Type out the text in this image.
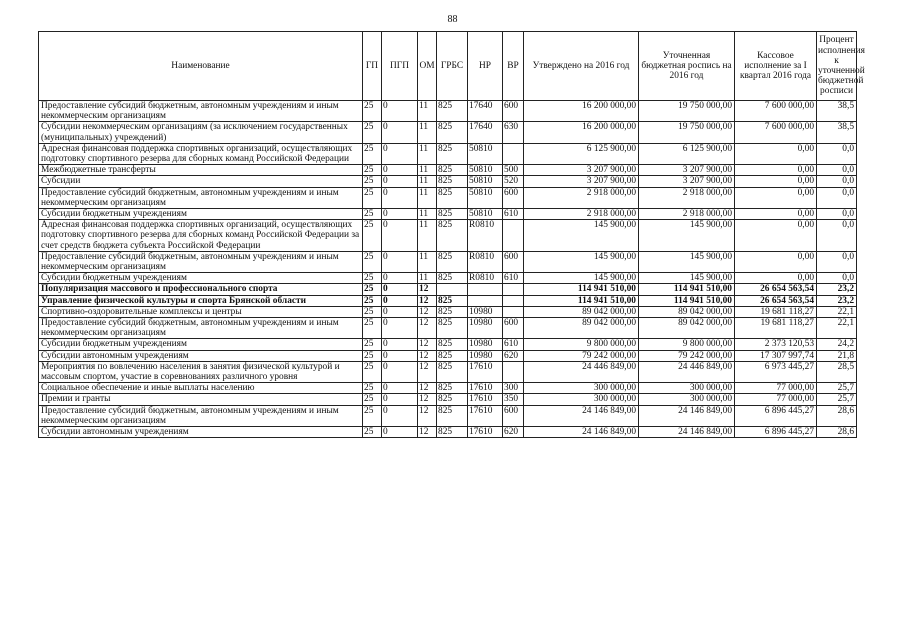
88
Наименование	ГП	ПГП	ОМ	ГРБС	НР	ВР	Утверждено на 2016 год	Уточненная бюджетная роспись на 2016 год	Кассовое исполнение за I квартал 2016 года	Процент исполнения к уточненной бюджетной росписи
Предоставление субсидий бюджетным, автономным учреждениям и иным некоммерческим организациям	25	0	11	825	17640	600	16 200 000,00	19 750 000,00	7 600 000,00	38,5
Субсидии некоммерческим организациям (за исключением государственных (муниципальных) учреждений)	25	0	11	825	17640	630	16 200 000,00	19 750 000,00	7 600 000,00	38,5
Адресная финансовая поддержка спортивных организаций, осуществляющих подготовку спортивного резерва для сборных команд Российской Федерации	25	0	11	825	50810		6 125 900,00	6 125 900,00	0,00	0,0
Межбюджетные трансферты	25	0	11	825	50810	500	3 207 900,00	3 207 900,00	0,00	0,0
Субсидии	25	0	11	825	50810	520	3 207 900,00	3 207 900,00	0,00	0,0
Предоставление субсидий бюджетным, автономным учреждениям и иным некоммерческим организациям	25	0	11	825	50810	600	2 918 000,00	2 918 000,00	0,00	0,0
Субсидии бюджетным учреждениям	25	0	11	825	50810	610	2 918 000,00	2 918 000,00	0,00	0,0
Адресная финансовая поддержка спортивных организаций, осуществляющих подготовку спортивного резерва для сборных команд Российской Федерации за счет средств бюджета субъекта Российской Федерации	25	0	11	825	R0810		145 900,00	145 900,00	0,00	0,0
Предоставление субсидий бюджетным, автономным учреждениям и иным некоммерческим организациям	25	0	11	825	R0810	600	145 900,00	145 900,00	0,00	0,0
Субсидии бюджетным учреждениям	25	0	11	825	R0810	610	145 900,00	145 900,00	0,00	0,0
Популяризация массового и профессионального спорта	25	0	12				114 941 510,00	114 941 510,00	26 654 563,54	23,2
Управление физической культуры и спорта Брянской области	25	0	12	825			114 941 510,00	114 941 510,00	26 654 563,54	23,2
Спортивно-оздоровительные комплексы и центры	25	0	12	825	10980		89 042 000,00	89 042 000,00	19 681 118,27	22,1
Предоставление субсидий бюджетным, автономным учреждениям и иным некоммерческим организациям	25	0	12	825	10980	600	89 042 000,00	89 042 000,00	19 681 118,27	22,1
Субсидии бюджетным учреждениям	25	0	12	825	10980	610	9 800 000,00	9 800 000,00	2 373 120,53	24,2
Субсидии автономным учреждениям	25	0	12	825	10980	620	79 242 000,00	79 242 000,00	17 307 997,74	21,8
Мероприятия по вовлечению населения в занятия физической культурой и массовым спортом, участие в соревнованиях различного уровня	25	0	12	825	17610		24 446 849,00	24 446 849,00	6 973 445,27	28,5
Социальное обеспечение и иные выплаты населению	25	0	12	825	17610	300	300 000,00	300 000,00	77 000,00	25,7
Премии и гранты	25	0	12	825	17610	350	300 000,00	300 000,00	77 000,00	25,7
Предоставление субсидий бюджетным, автономным учреждениям и иным некоммерческим организациям	25	0	12	825	17610	600	24 146 849,00	24 146 849,00	6 896 445,27	28,6
Субсидии автономным учреждениям	25	0	12	825	17610	620	24 146 849,00	24 146 849,00	6 896 445,27	28,6
